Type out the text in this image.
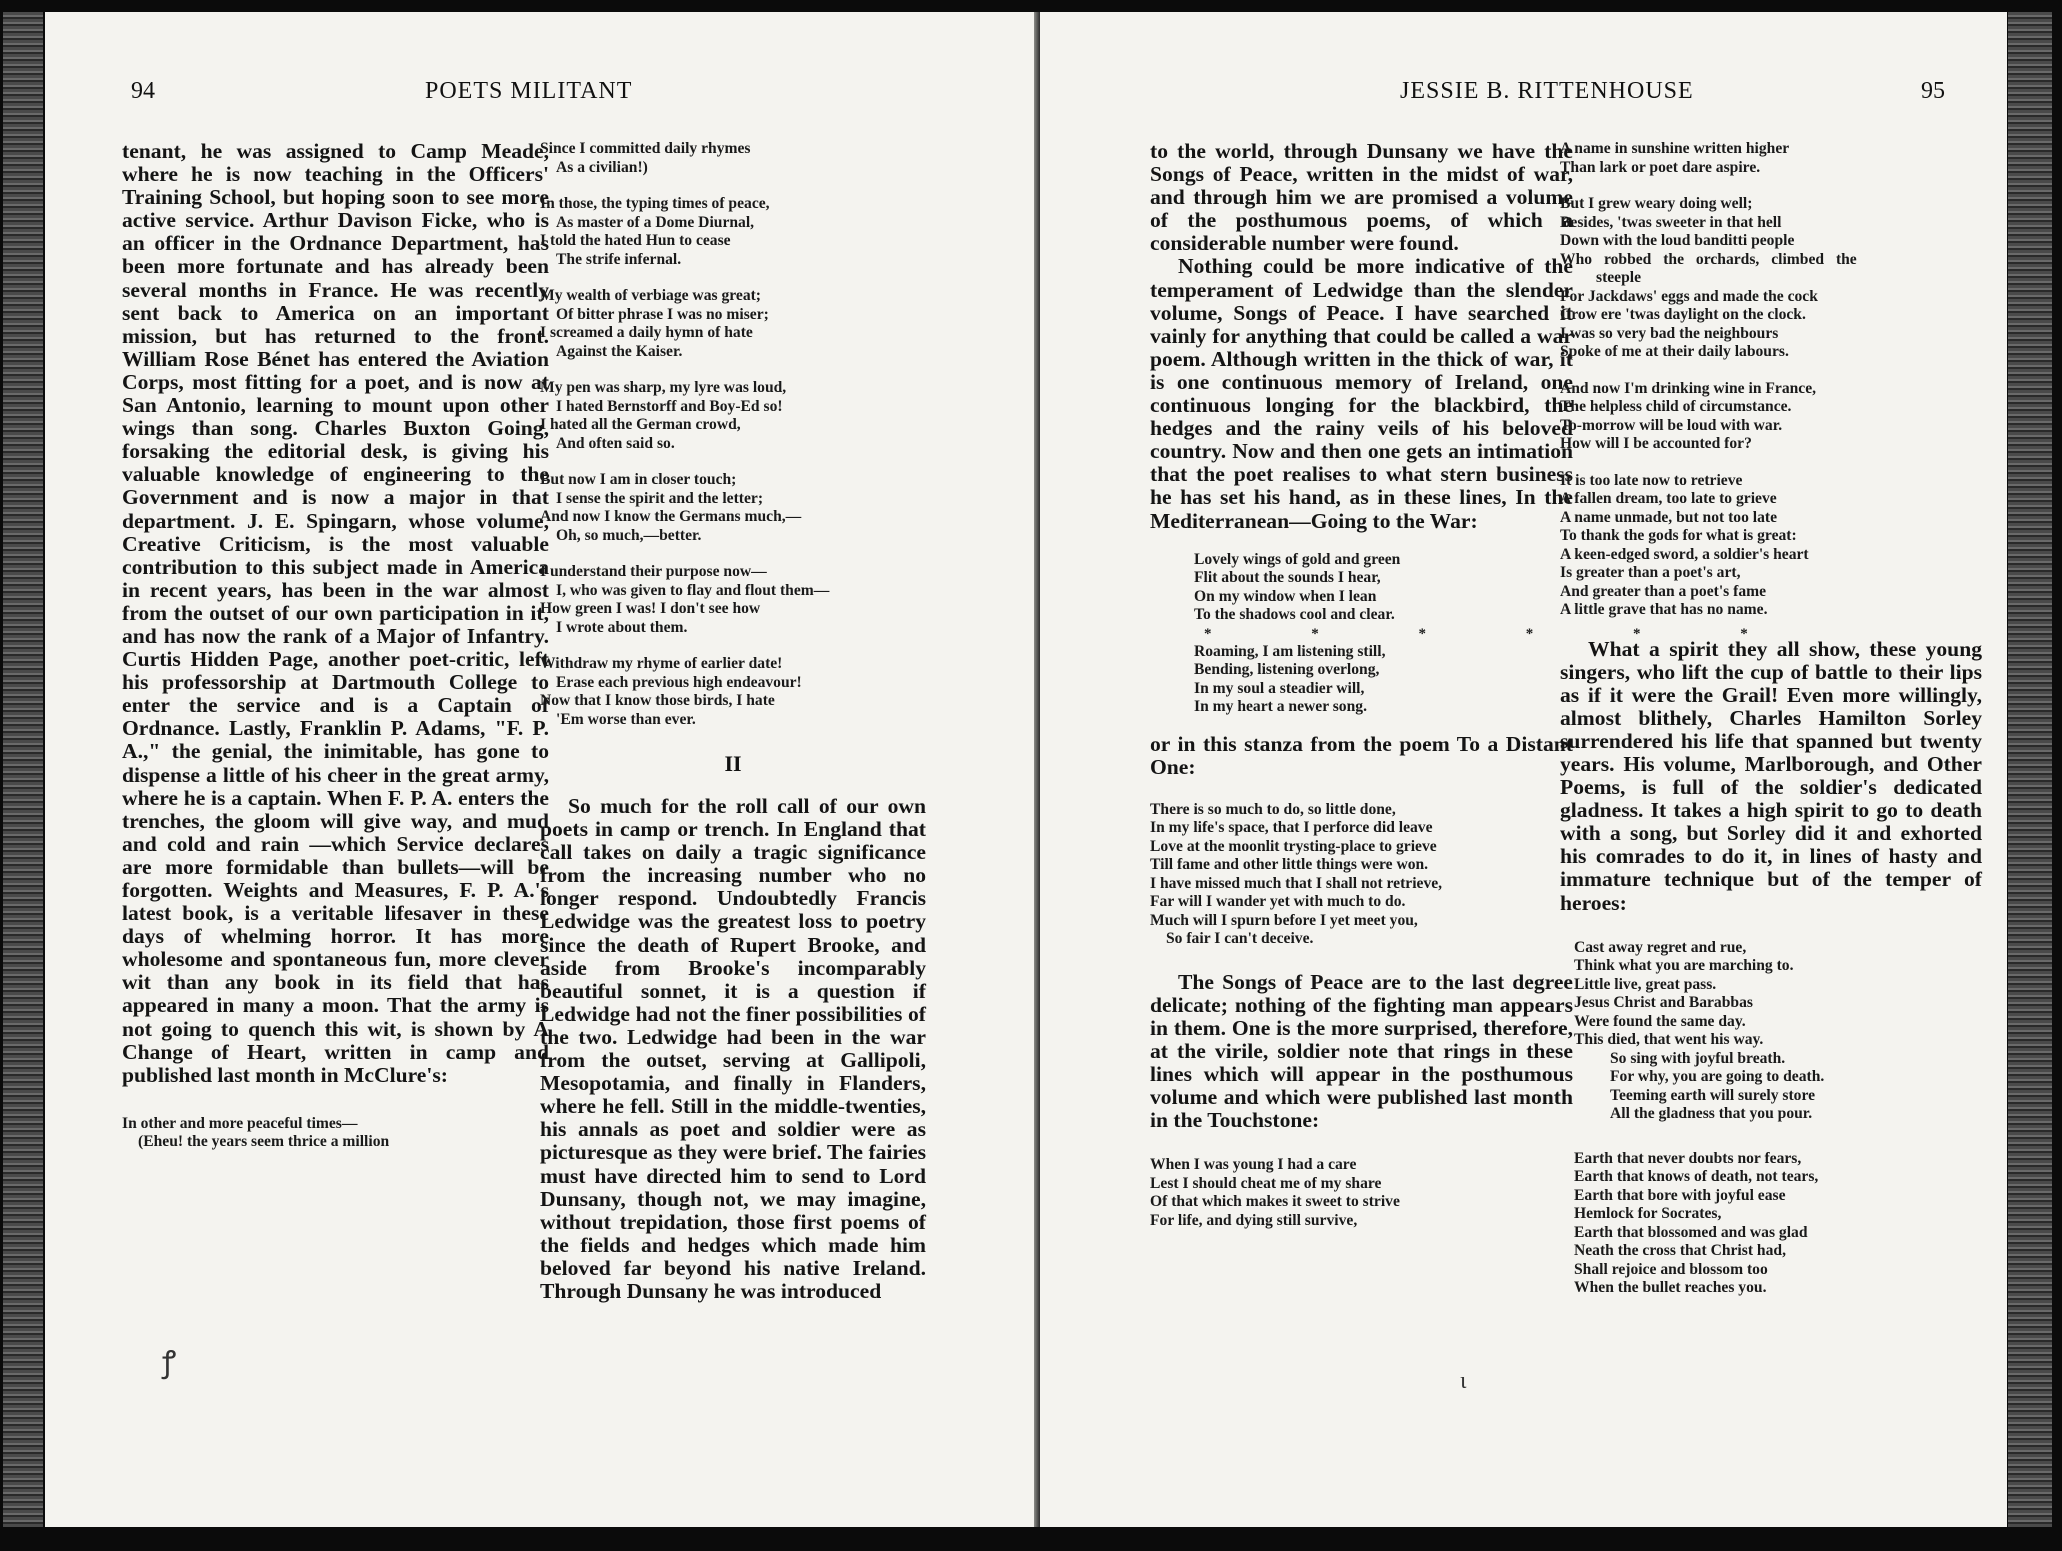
94	POETS MILITANT

tenant, he was assigned to Camp Meade, where he is now teaching in the Officers' Training School, but hoping soon to see more active service. Arthur Davison Ficke, who is an officer in the Ordnance Department, has been more fortunate and has already been several months in France. He was recently sent back to America on an important mission, but has returned to the front. William Rose Bénet has entered the Aviation Corps, most fitting for a poet, and is now at San Antonio, learning to mount upon other wings than song. Charles Buxton Going, forsaking the editorial desk, is giving his valuable knowledge of engineering to the Government and is now a major in that department. J. E. Spingarn, whose volume, Creative Criticism, is the most valuable contribution to this subject made in America in recent years, has been in the war almost from the outset of our own participation in it, and has now the rank of a Major of Infantry. Curtis Hidden Page, another poet-critic, left his professorship at Dartmouth College to enter the service and is a Captain of Ordnance. Lastly, Franklin P. Adams, "F. P. A.," the genial, the inimitable, has gone to dispense a little of his cheer in the great army, where he is a captain. When F. P. A. enters the trenches, the gloom will give way, and mud and cold and rain —which Service declares are more formidable than bullets—will be forgotten. Weights and Measures, F. P. A.'s latest book, is a veritable lifesaver in these days of whelming horror. It has more wholesome and spontaneous fun, more clever wit than any book in its field that has appeared in many a moon. That the army is not going to quench this wit, is shown by A Change of Heart, written in camp and published last month in McClure's:

In other and more peaceful times—
(Eheu! the years seem thrice a million
ꝭ
Since I committed daily rhymes
As a civilian!)
In those, the typing times of peace,
As master of a Dome Diurnal,
I told the hated Hun to cease
The strife infernal.
My wealth of verbiage was great;
Of bitter phrase I was no miser;
I screamed a daily hymn of hate
Against the Kaiser.
My pen was sharp, my lyre was loud,
I hated Bernstorff and Boy-Ed so!
I hated all the German crowd,
And often said so.
But now I am in closer touch;
I sense the spirit and the letter;
And now I know the Germans much,—
Oh, so much,—better.
I understand their purpose now—
I, who was given to flay and flout them—
How green I was! I don't see how
I wrote about them.
Withdraw my rhyme of earlier date!
Erase each previous high endeavour!
Now that I know those birds, I hate
'Em worse than ever.
II

So much for the roll call of our own poets in camp or trench. In England that call takes on daily a tragic significance from the increasing number who no longer respond. Undoubtedly Francis Ledwidge was the greatest loss to poetry since the death of Rupert Brooke, and aside from Brooke's incomparably beautiful sonnet, it is a question if Ledwidge had not the finer possibilities of the two. Ledwidge had been in the war from the outset, serving at Gallipoli, Mesopotamia, and finally in Flanders, where he fell. Still in the middle-twenties, his annals as poet and soldier were as picturesque as they were brief. The fairies must have directed him to send to Lord Dunsany, though not, we may imagine, without trepidation, those first poems of the fields and hedges which made him beloved far beyond his native Ireland. Through Dunsany he was introduced

JESSIE B. RITTENHOUSE	95

to the world, through Dunsany we have the Songs of Peace, written in the midst of war, and through him we are promised a volume of the posthumous poems, of which a considerable number were found.

Nothing could be more indicative of the temperament of Ledwidge than the slender volume, Songs of Peace. I have searched it vainly for anything that could be called a war poem. Although written in the thick of war, it is one continuous memory of Ireland, one continuous longing for the blackbird, the hedges and the rainy veils of his beloved country. Now and then one gets an intimation that the poet realises to what stern business he has set his hand, as in these lines, In the Mediterranean—Going to the War:

Lovely wings of gold and green
Flit about the sounds I hear,
On my window when I lean
To the shadows cool and clear.
* * * * * *
Roaming, I am listening still,
Bending, listening overlong,
In my soul a steadier will,
In my heart a newer song.

or in this stanza from the poem To a Distant One:

There is so much to do, so little done,
In my life's space, that I perforce did leave
Love at the moonlit trysting-place to grieve
Till fame and other little things were won.
I have missed much that I shall not retrieve,
Far will I wander yet with much to do.
Much will I spurn before I yet meet you,
So fair I can't deceive.

The Songs of Peace are to the last degree delicate; nothing of the fighting man appears in them. One is the more surprised, therefore, at the virile, soldier note that rings in these lines which will appear in the posthumous volume and which were published last month in the Touchstone:

When I was young I had a care
Lest I should cheat me of my share
Of that which makes it sweet to strive
For life, and dying still survive,
ɩ
A name in sunshine written higher
Than lark or poet dare aspire.
But I grew weary doing well;
Besides, 'twas sweeter in that hell
Down with the loud banditti people
Who robbed the orchards, climbed the
steeple
For Jackdaws' eggs and made the cock
Crow ere 'twas daylight on the clock.
I was so very bad the neighbours
Spoke of me at their daily labours.
And now I'm drinking wine in France,
The helpless child of circumstance.
To-morrow will be loud with war.
How will I be accounted for?
It is too late now to retrieve
A fallen dream, too late to grieve
A name unmade, but not too late
To thank the gods for what is great:
A keen-edged sword, a soldier's heart
Is greater than a poet's art,
And greater than a poet's fame
A little grave that has no name.

What a spirit they all show, these young singers, who lift the cup of battle to their lips as if it were the Grail! Even more willingly, almost blithely, Charles Hamilton Sorley surrendered his life that spanned but twenty years. His volume, Marlborough, and Other Poems, is full of the soldier's dedicated gladness. It takes a high spirit to go to death with a song, but Sorley did it and exhorted his comrades to do it, in lines of hasty and immature technique but of the temper of heroes:

Cast away regret and rue,
Think what you are marching to.
Little live, great pass.
Jesus Christ and Barabbas
Were found the same day.
This died, that went his way.
So sing with joyful breath.
For why, you are going to death.
Teeming earth will surely store
All the gladness that you pour.
Earth that never doubts nor fears,
Earth that knows of death, not tears,
Earth that bore with joyful ease
Hemlock for Socrates,
Earth that blossomed and was glad
Neath the cross that Christ had,
Shall rejoice and blossom too
When the bullet reaches you.
